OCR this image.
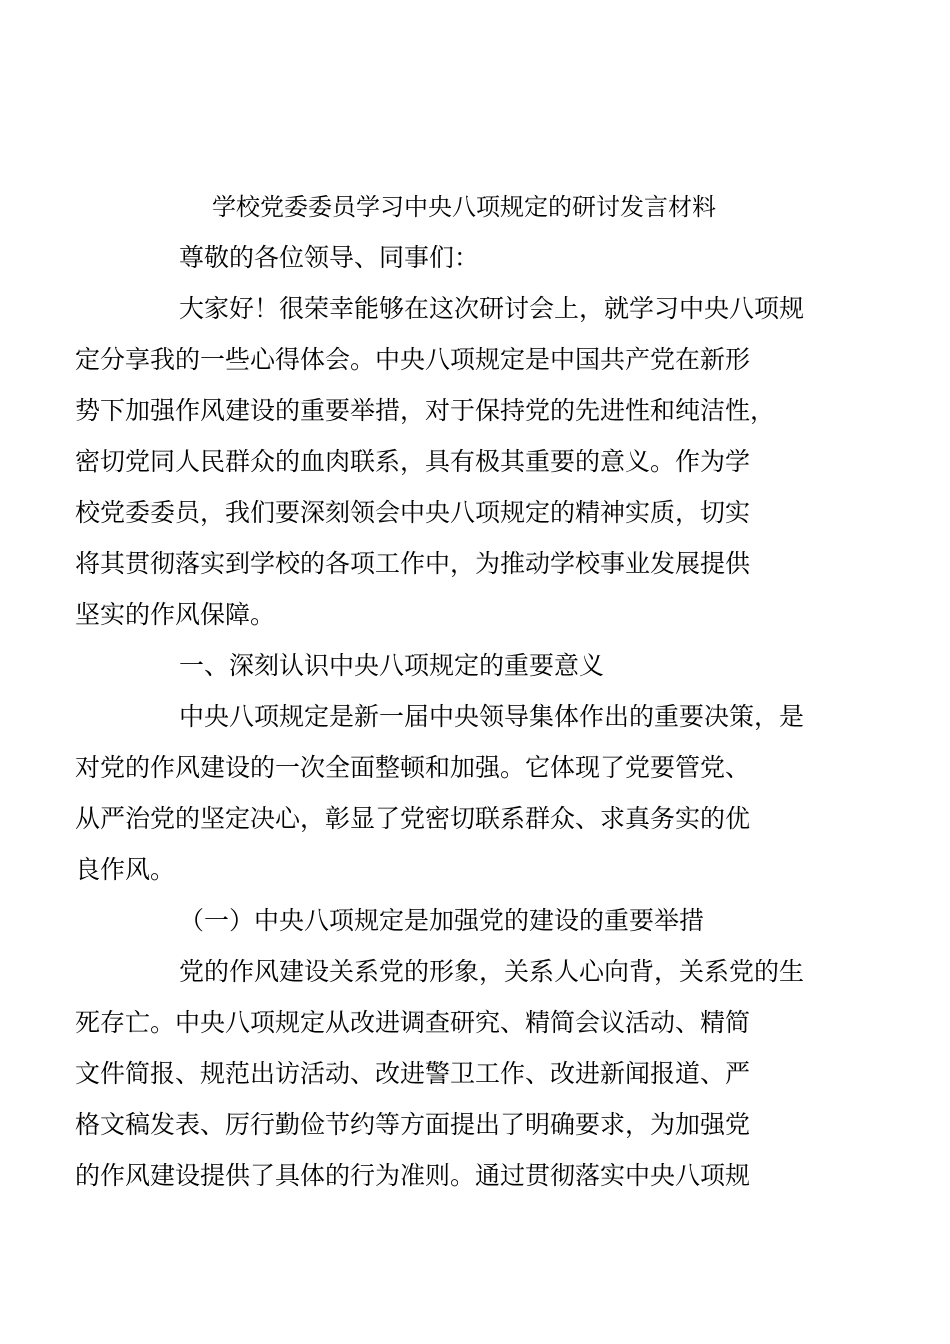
学校党委委员学习中央八项规定的研讨发言材料

尊敬的各位领导、同事们：

大家好！很荣幸能够在这次研讨会上，就学习中央八项规
定分享我的一些心得体会。中央八项规定是中国共产党在新形
势下加强作风建设的重要举措，对于保持党的先进性和纯洁性，
密切党同人民群众的血肉联系，具有极其重要的意义。作为学
校党委委员，我们要深刻领会中央八项规定的精神实质，切实
将其贯彻落实到学校的各项工作中，为推动学校事业发展提供
坚实的作风保障。

一、深刻认识中央八项规定的重要意义

中央八项规定是新一届中央领导集体作出的重要决策，是
对党的作风建设的一次全面整顿和加强。它体现了党要管党、
从严治党的坚定决心，彰显了党密切联系群众、求真务实的优
良作风。

（一）中央八项规定是加强党的建设的重要举措

党的作风建设关系党的形象，关系人心向背，关系党的生
死存亡。中央八项规定从改进调查研究、精简会议活动、精简
文件简报、规范出访活动、改进警卫工作、改进新闻报道、严
格文稿发表、厉行勤俭节约等方面提出了明确要求，为加强党
的作风建设提供了具体的行为准则。通过贯彻落实中央八项规
